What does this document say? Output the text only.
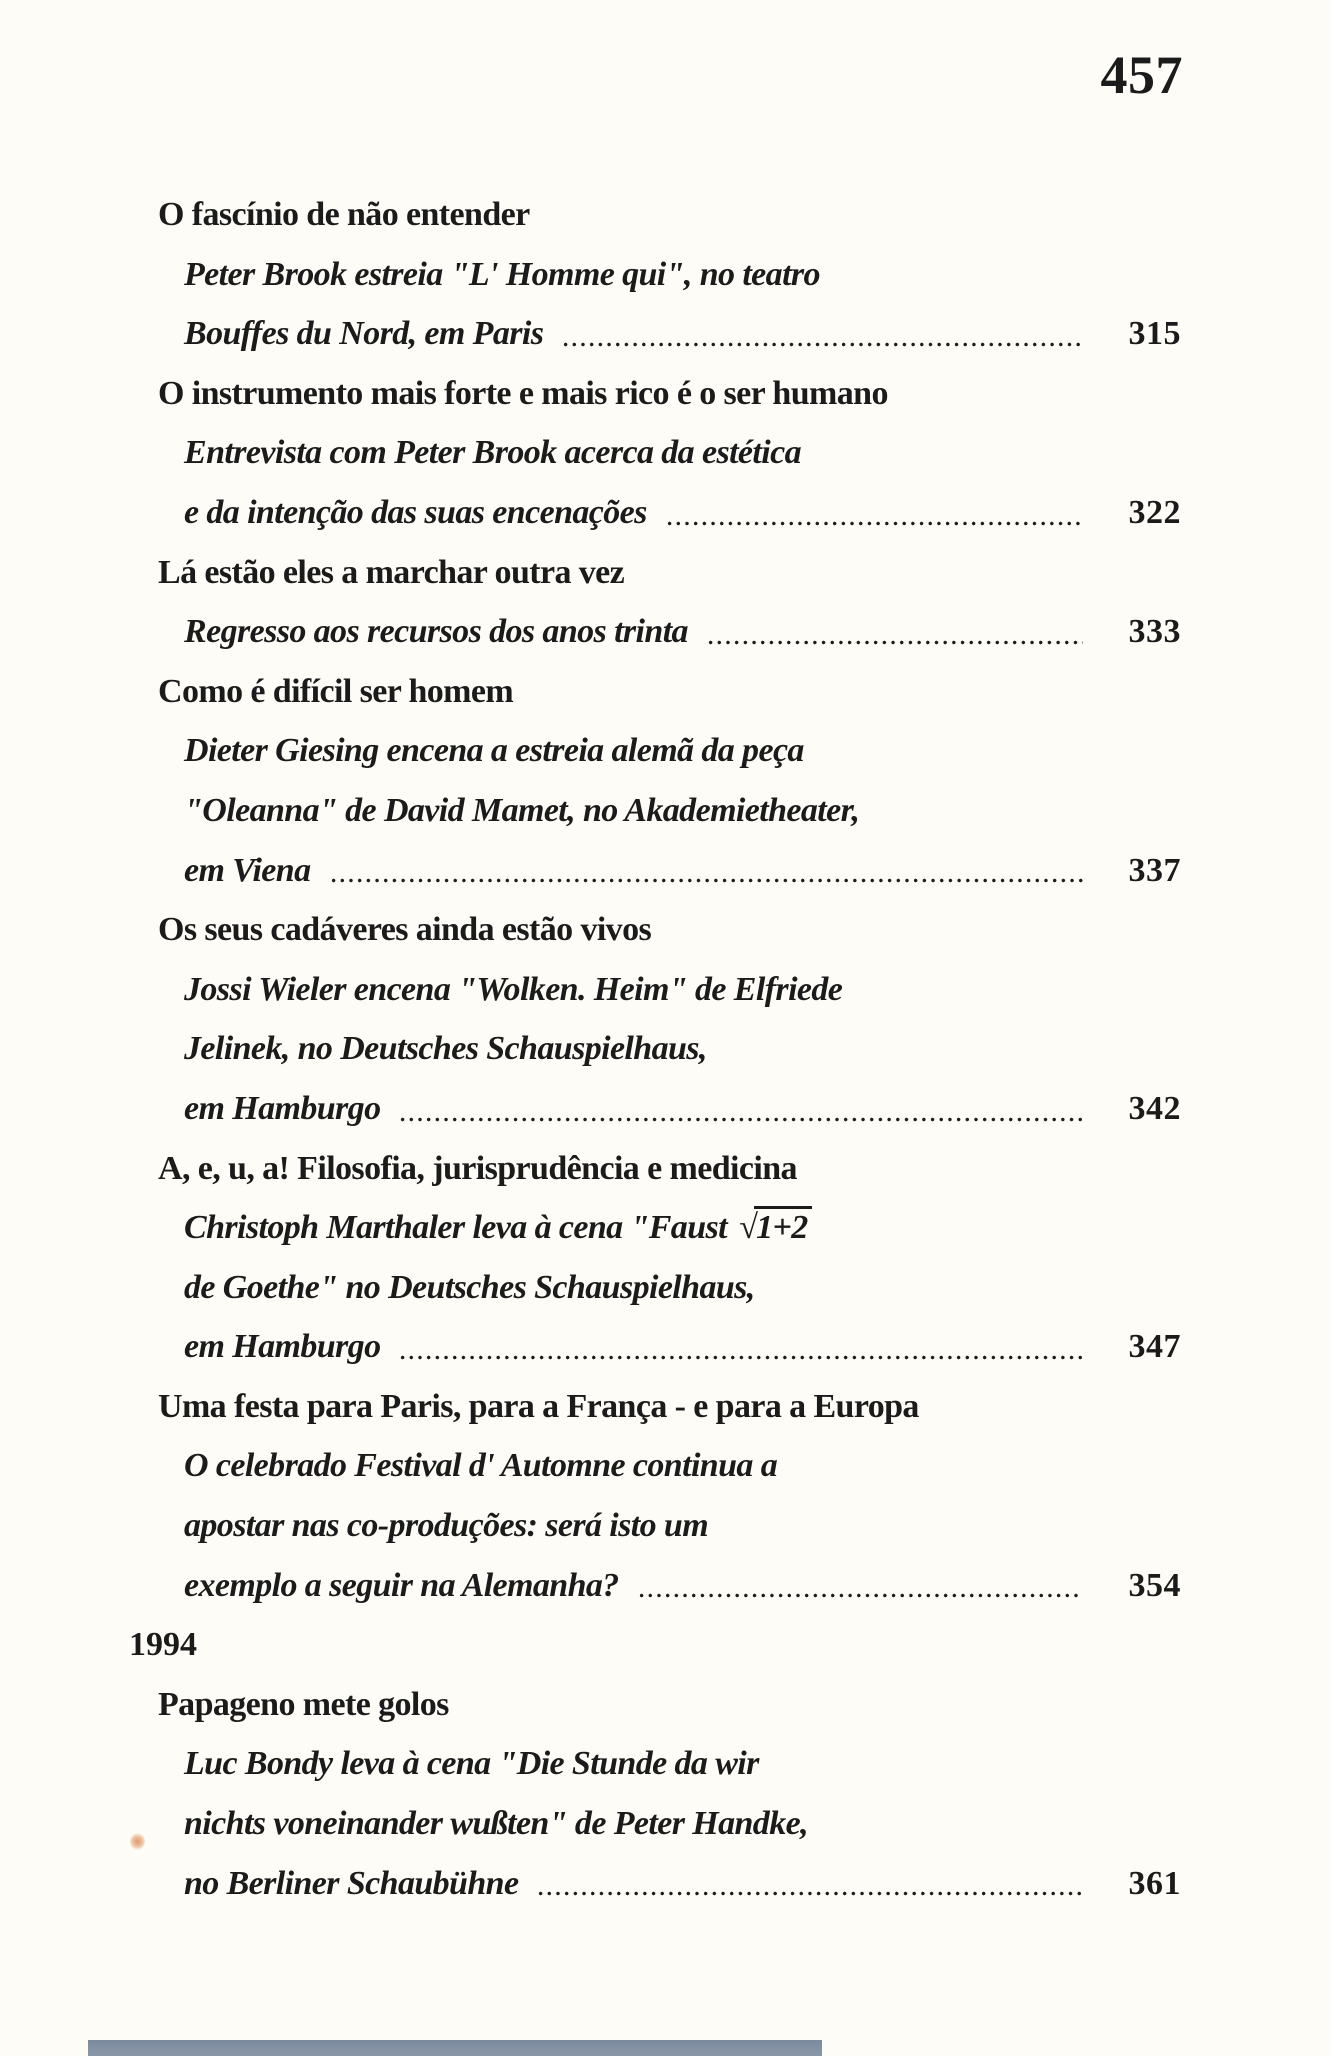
457
O fascínio de não entender
Peter Brook estreia "L' Homme qui", no teatro
Bouffes du Nord, em Paris	315
O instrumento mais forte e mais rico é o ser humano
Entrevista com Peter Brook acerca da estética
e da intenção das suas encenações	322
Lá estão eles a marchar outra vez
Regresso aos recursos dos anos trinta	333
Como é difícil ser homem
Dieter Giesing encena a estreia alemã da peça
"Oleanna" de David Mamet, no Akademietheater,
em Viena	337
Os seus cadáveres ainda estão vivos
Jossi Wieler encena "Wolken. Heim" de Elfriede
Jelinek, no Deutsches Schauspielhaus,
em Hamburgo	342
A, e, u, a! Filosofia, jurisprudência e medicina
Christoph Marthaler leva à cena "Faust √1+2
de Goethe" no Deutsches Schauspielhaus,
em Hamburgo	347
Uma festa para Paris, para a França - e para a Europa
O celebrado Festival d' Automne continua a
apostar nas co-produções: será isto um
exemplo a seguir na Alemanha?	354
1994
Papageno mete golos
Luc Bondy leva à cena "Die Stunde da wir
nichts voneinander wußten" de Peter Handke,
no Berliner Schaubühne	361
